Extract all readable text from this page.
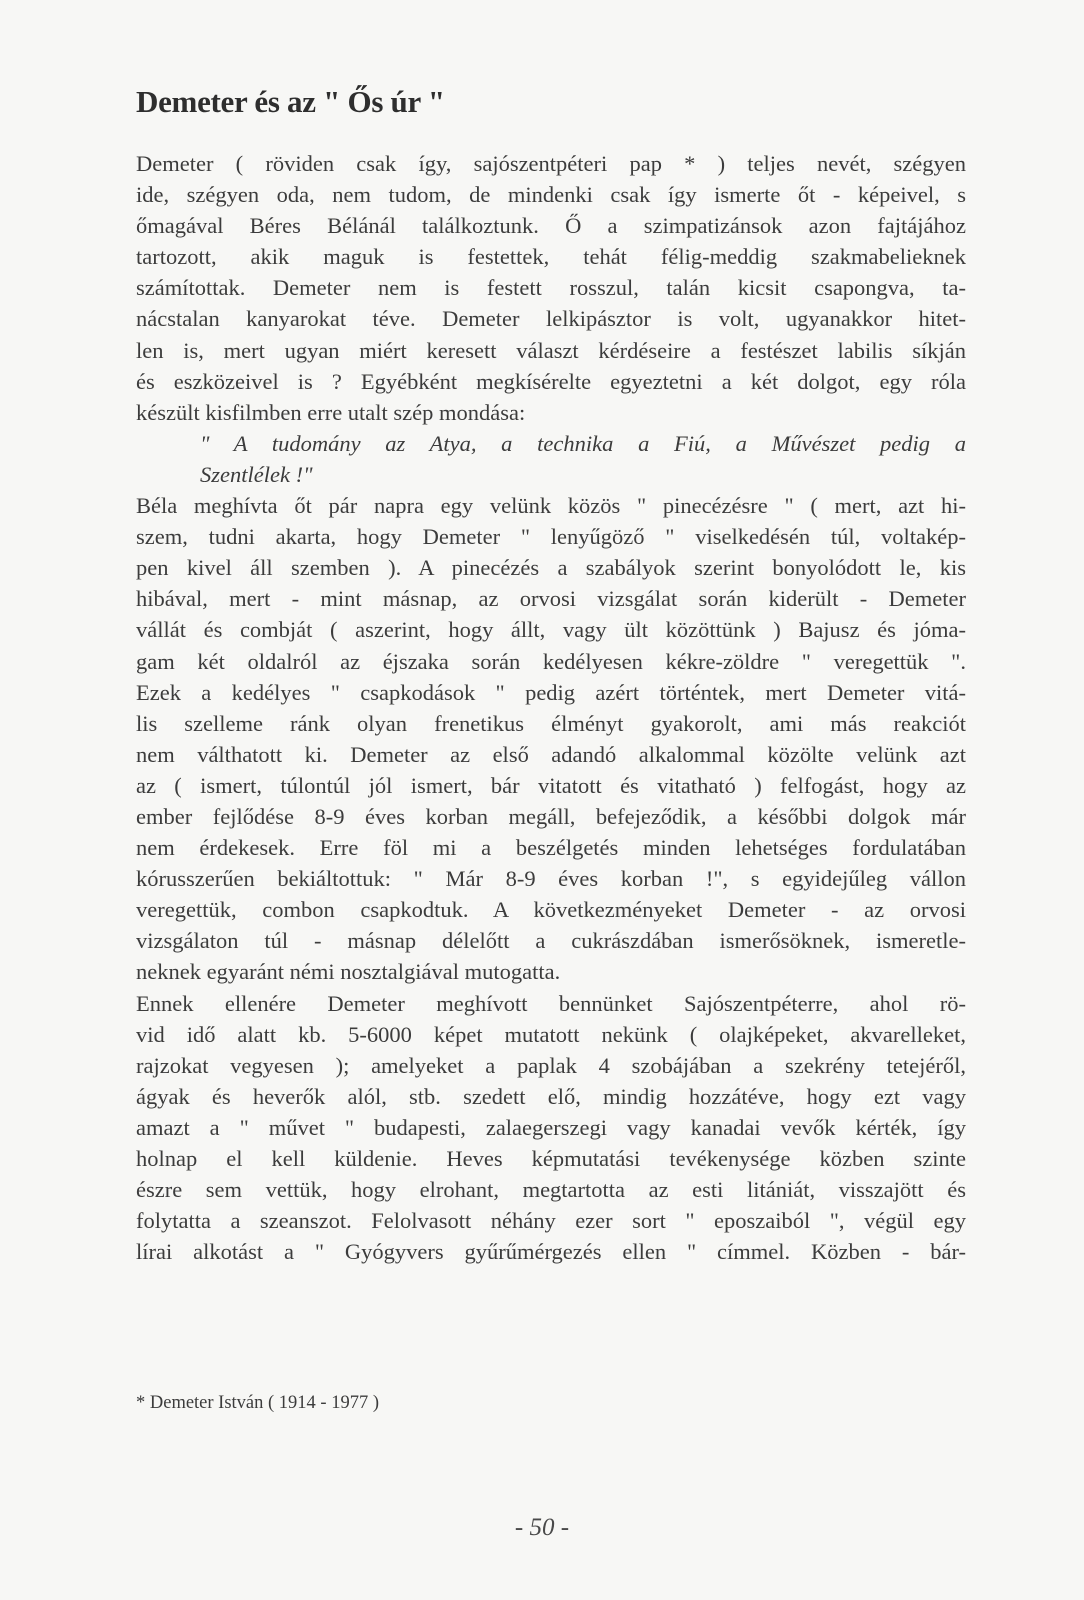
Demeter és az " Ős úr "
Demeter ( röviden csak így, sajószentpéteri pap * ) teljes nevét, szégyen
ide, szégyen oda, nem tudom, de mindenki csak így ismerte őt - képeivel, s
őmagával Béres Bélánál találkoztunk. Ő a szimpatizánsok azon fajtájához
tartozott, akik maguk is festettek, tehát félig-meddig szakmabelieknek
számítottak. Demeter nem is festett rosszul, talán kicsit csapongva, ta-
nácstalan kanyarokat téve. Demeter lelkipásztor is volt, ugyanakkor hitet-
len is, mert ugyan miért keresett választ kérdéseire a festészet labilis síkján
és eszközeivel is ? Egyébként megkísérelte egyeztetni a két dolgot, egy róla
készült kisfilmben erre utalt szép mondása:
" A tudomány az Atya, a technika a Fiú, a Művészet pedig a
Szentlélek !"
Béla meghívta őt pár napra egy velünk közös " pinecézésre " ( mert, azt hi-
szem, tudni akarta, hogy Demeter " lenyűgöző " viselkedésén túl, voltakép-
pen kivel áll szemben ). A pinecézés a szabályok szerint bonyolódott le, kis
hibával, mert - mint másnap, az orvosi vizsgálat során kiderült - Demeter
vállát és combját ( aszerint, hogy állt, vagy ült közöttünk ) Bajusz és jóma-
gam két oldalról az éjszaka során kedélyesen kékre-zöldre " veregettük ".
Ezek a kedélyes " csapkodások " pedig azért történtek, mert Demeter vitá-
lis szelleme ránk olyan frenetikus élményt gyakorolt, ami más reakciót
nem válthatott ki. Demeter az első adandó alkalommal közölte velünk azt
az ( ismert, túlontúl jól ismert, bár vitatott és vitatható ) felfogást, hogy az
ember fejlődése 8-9 éves korban megáll, befejeződik, a későbbi dolgok már
nem érdekesek. Erre föl mi a beszélgetés minden lehetséges fordulatában
kórusszerűen bekiáltottuk: " Már 8-9 éves korban !", s egyidejűleg vállon
veregettük, combon csapkodtuk. A következményeket Demeter - az orvosi
vizsgálaton túl - másnap délelőtt a cukrászdában ismerősöknek, ismeretle-
neknek egyaránt némi nosztalgiával mutogatta.
Ennek ellenére Demeter meghívott bennünket Sajószentpéterre, ahol rö-
vid idő alatt kb. 5-6000 képet mutatott nekünk ( olajképeket, akvarelleket,
rajzokat vegyesen ); amelyeket a paplak 4 szobájában a szekrény tetejéről,
ágyak és heverők alól, stb. szedett elő, mindig hozzátéve, hogy ezt vagy
amazt a " művet " budapesti, zalaegerszegi vagy kanadai vevők kérték, így
holnap el kell küldenie. Heves képmutatási tevékenysége közben szinte
észre sem vettük, hogy elrohant, megtartotta az esti litániát, visszajött és
folytatta a szeanszot. Felolvasott néhány ezer sort " eposzaiból ", végül egy
lírai alkotást a " Gyógyvers gyűrűmérgezés ellen " címmel. Közben - bár-
* Demeter István ( 1914 - 1977 )
- 50 -
